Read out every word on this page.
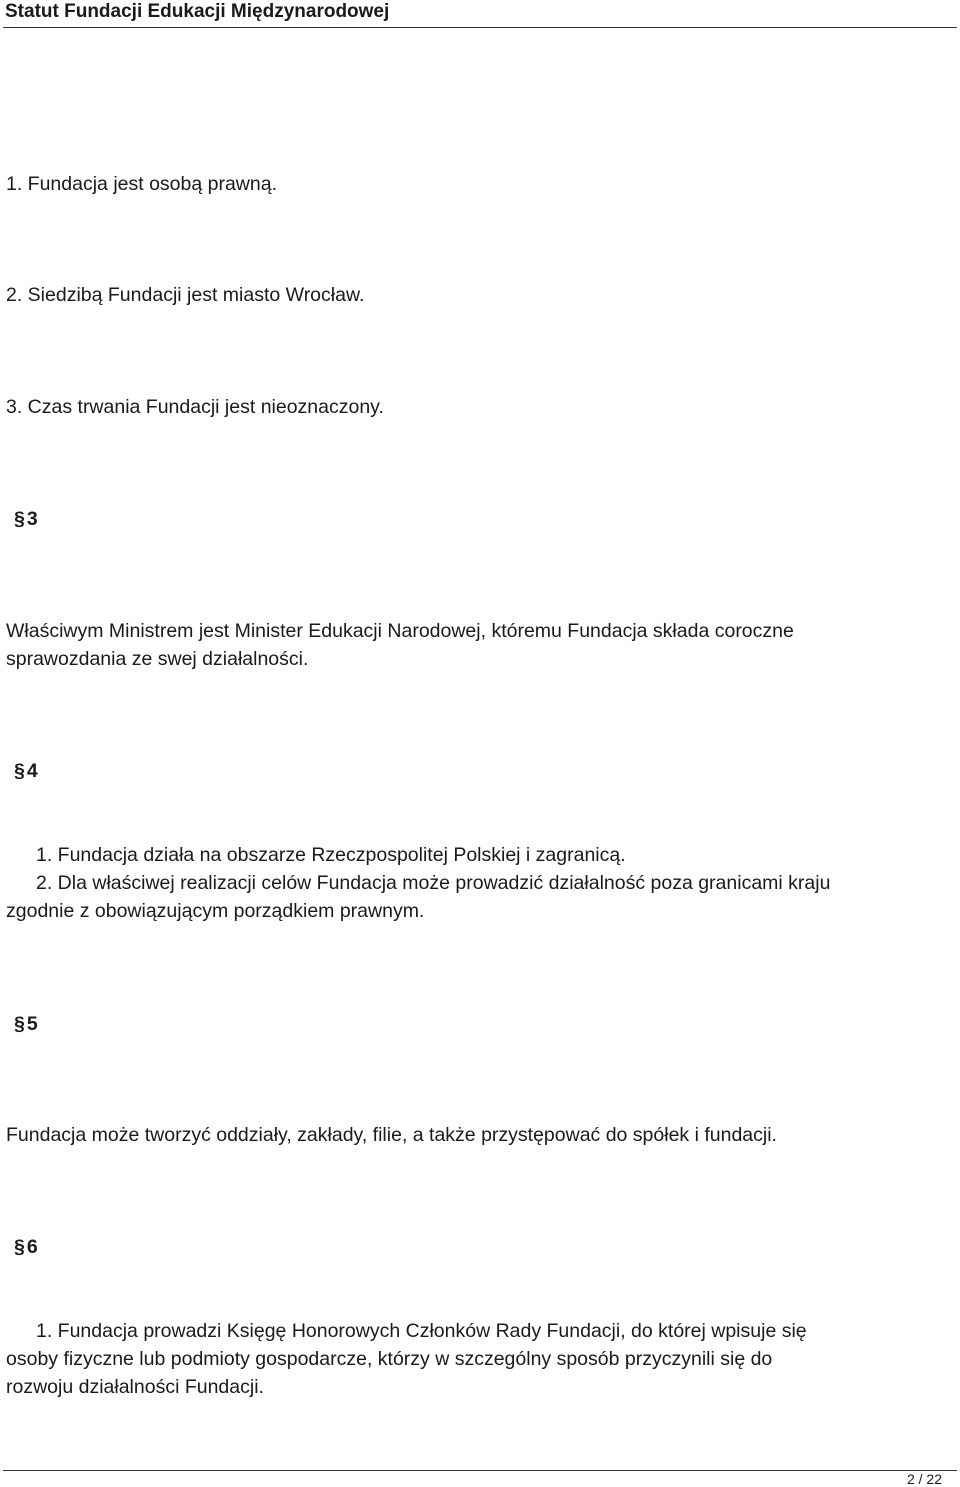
Statut Fundacji Edukacji Międzynarodowej
1. Fundacja jest osobą prawną.
2. Siedzibą Fundacji jest miasto Wrocław.
3. Czas trwania Fundacji jest nieoznaczony.
§ 3
Właściwym Ministrem jest Minister Edukacji Narodowej, któremu Fundacja składa coroczne
sprawozdania ze swej działalności.
§ 4
1. Fundacja działa na obszarze Rzeczpospolitej Polskiej i zagranicą.
2. Dla właściwej realizacji celów Fundacja może prowadzić działalność poza granicami kraju
zgodnie z obowiązującym porządkiem prawnym.
§ 5
Fundacja może tworzyć oddziały, zakłady, filie, a także przystępować do spółek i fundacji.
§ 6
1. Fundacja prowadzi Księgę Honorowych Członków Rady Fundacji, do której wpisuje się
osoby fizyczne lub podmioty gospodarcze, którzy w szczególny sposób przyczynili się do
rozwoju działalności Fundacji.
2 / 22
